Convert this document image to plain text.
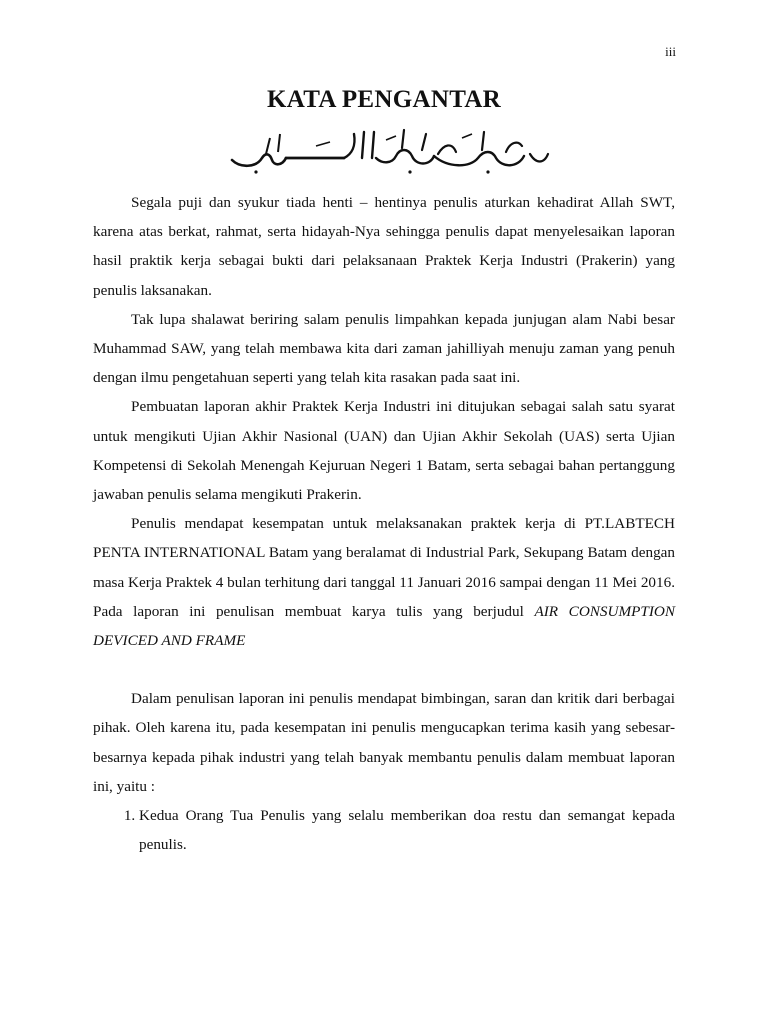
iii

KATA PENGANTAR

Segala puji dan syukur tiada henti – hentinya penulis aturkan kehadirat Allah SWT, karena atas berkat, rahmat, serta hidayah-Nya sehingga penulis dapat menyelesaikan laporan hasil praktik kerja sebagai bukti dari pelaksanaan Praktek Kerja Industri (Prakerin) yang penulis laksanakan.

Tak lupa shalawat beriring salam penulis limpahkan kepada junjugan alam Nabi besar Muhammad SAW, yang telah membawa kita dari zaman jahilliyah menuju zaman yang penuh dengan ilmu pengetahuan seperti yang telah kita rasakan pada saat ini.

Pembuatan laporan akhir Praktek Kerja Industri ini ditujukan sebagai salah satu syarat untuk mengikuti Ujian Akhir Nasional (UAN) dan Ujian Akhir Sekolah (UAS) serta Ujian Kompetensi di Sekolah Menengah Kejuruan Negeri 1 Batam, serta sebagai bahan pertanggung jawaban penulis selama mengikuti Prakerin.

Penulis mendapat kesempatan untuk melaksanakan praktek kerja di PT.LABTECH PENTA INTERNATIONAL Batam yang beralamat di Industrial Park, Sekupang Batam dengan masa Kerja Praktek 4 bulan terhitung dari tanggal 11 Januari 2016 sampai dengan 11 Mei 2016. Pada laporan ini penulisan membuat karya tulis yang berjudul AIR CONSUMPTION DEVICED AND FRAME

Dalam penulisan laporan ini penulis mendapat bimbingan, saran dan kritik dari berbagai pihak. Oleh karena itu, pada kesempatan ini penulis mengucapkan terima kasih yang sebesar-besarnya kepada pihak industri yang telah banyak membantu penulis dalam membuat laporan ini, yaitu :

1. Kedua Orang Tua Penulis yang selalu memberikan doa restu dan semangat kepada penulis.
